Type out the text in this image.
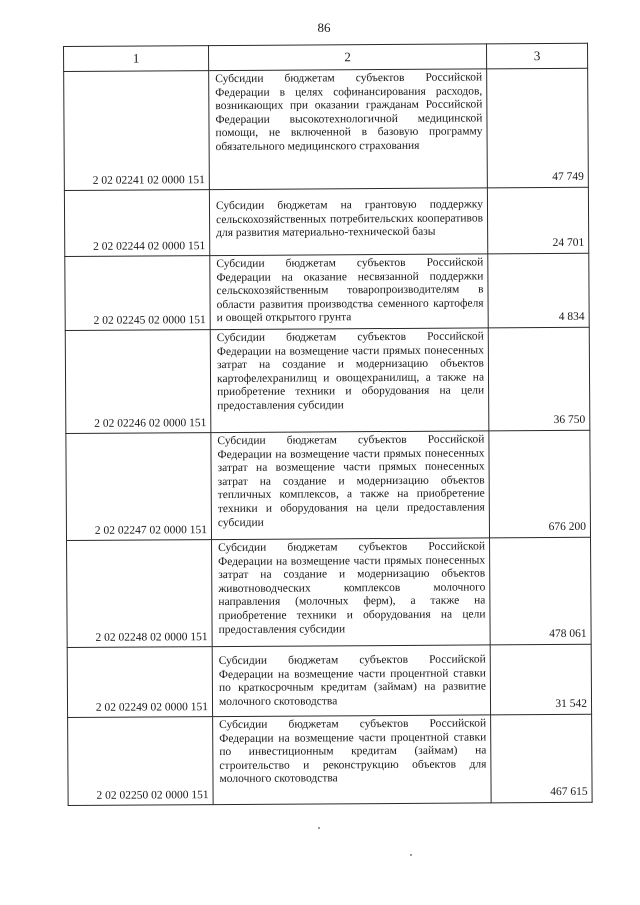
86
1	2	3
2 02 02241 02 0000 151	Субсидии бюджетам субъектов Российской Федерации в целях софинансирования расходов, возникающих при оказании гражданам Российской Федерации высокотехнологичной медицинской помощи, не включенной в базовую программу обязательного медицинского страхования	47 749
2 02 02244 02 0000 151	Субсидии бюджетам на грантовую поддержку сельскохозяйственных потребительских кооперативов для развития материально-технической базы	24 701
2 02 02245 02 0000 151	Субсидии бюджетам субъектов Российской Федерации на оказание несвязанной поддержки сельскохозяйственным товаропроизводителям в области развития производства семенного картофеля и овощей открытого грунта	4 834
2 02 02246 02 0000 151	Субсидии бюджетам субъектов Российской Федерации на возмещение части прямых понесенных затрат на создание и модернизацию объектов картофелехранилищ и овощехранилищ, а также на приобретение техники и оборудования на цели предоставления субсидии	36 750
2 02 02247 02 0000 151	Субсидии бюджетам субъектов Российской Федерации на возмещение части прямых понесенных затрат на возмещение части прямых понесенных затрат на создание и модернизацию объектов тепличных комплексов, а также на приобретение техники и оборудования на цели предоставления субсидии	676 200
2 02 02248 02 0000 151	Субсидии бюджетам субъектов Российской Федерации на возмещение части прямых понесенных затрат на создание и модернизацию объектов животноводческих комплексов молочного направления (молочных ферм), а также на приобретение техники и оборудования на цели предоставления субсидии	478 061
2 02 02249 02 0000 151	Субсидии бюджетам субъектов Российской Федерации на возмещение части процентной ставки по краткосрочным кредитам (займам) на развитие молочного скотоводства	31 542
2 02 02250 02 0000 151	Субсидии бюджетам субъектов Российской Федерации на возмещение части процентной ставки по инвестиционным кредитам (займам) на строительство и реконструкцию объектов для молочного скотоводства	467 615
